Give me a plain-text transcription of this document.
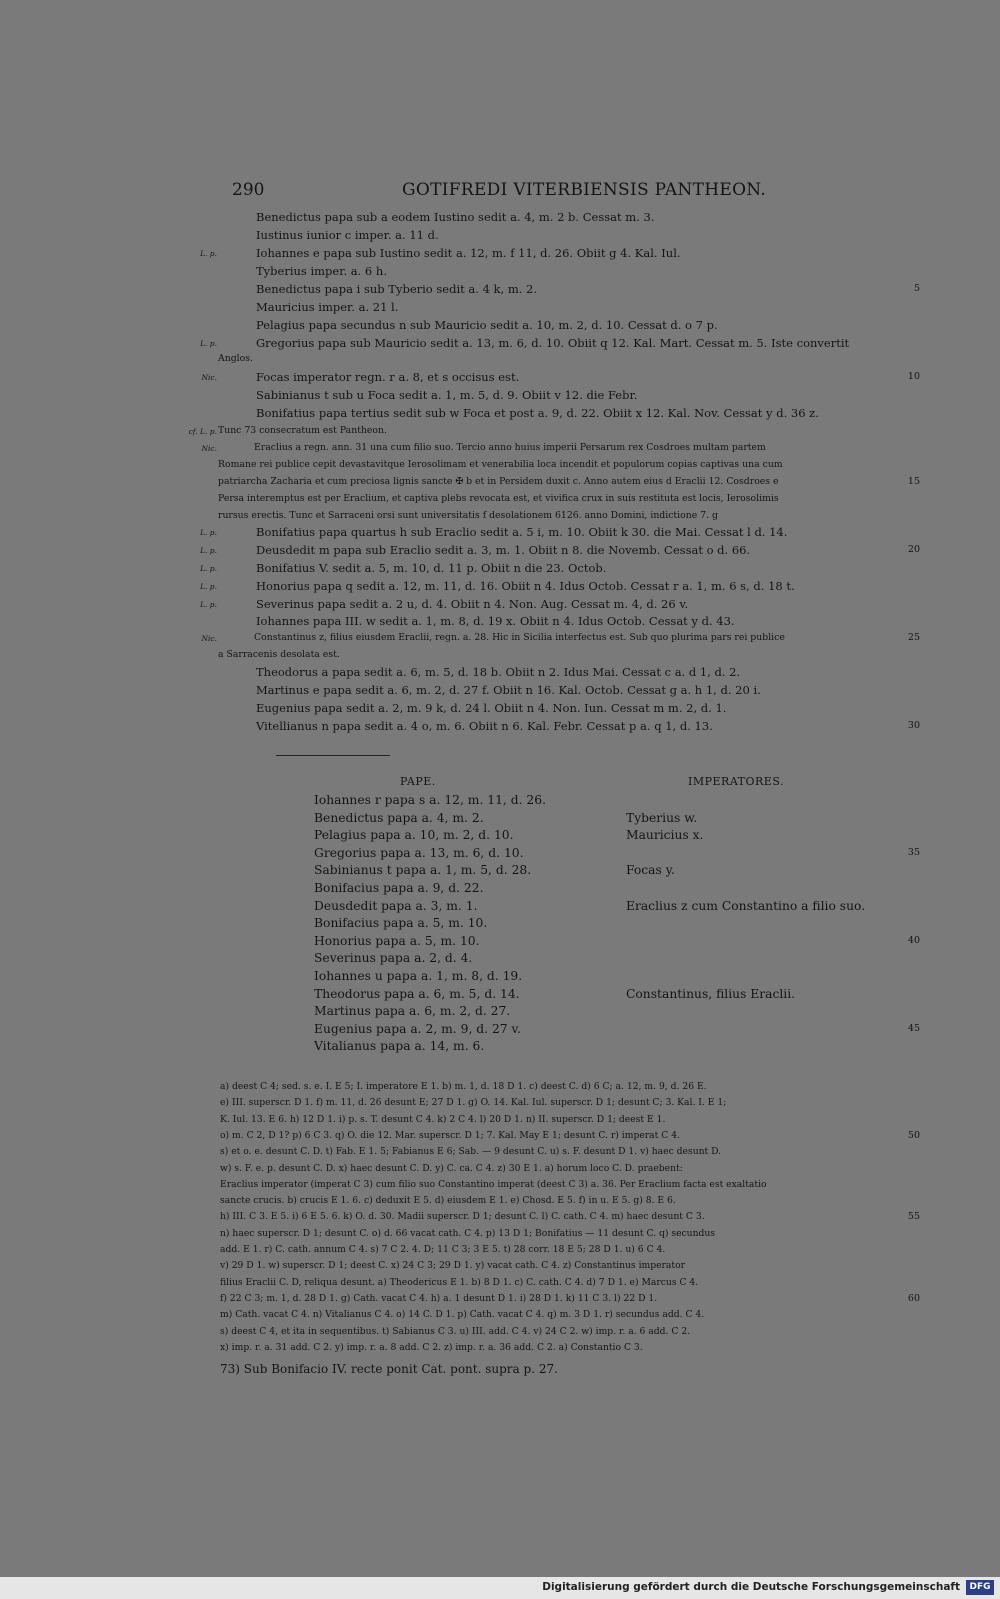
290	GOTIFREDI VITERBIENSIS PANTHEON.
Benedictus papa sub a eodem Iustino sedit a. 4, m. 2 b. Cessat m. 3.
Iustinus iunior c imper. a. 11 d.
L. p.	Iohannes e papa sub Iustino sedit a. 12, m. f 11, d. 26. Obiit g 4. Kal. Iul.
Tyberius imper. a. 6 h.
Benedictus papa i sub Tyberio sedit a. 4 k, m. 2.	5
Mauricius imper. a. 21 l.
Pelagius papa secundus n sub Mauricio sedit a. 10, m. 2, d. 10. Cessat d. o 7 p.
L. p.	Gregorius papa sub Mauricio sedit a. 13, m. 6, d. 10. Obiit q 12. Kal. Mart. Cessat m. 5. Iste convertit
Anglos.
Nic.	Focas imperator regn. r a. 8, et s occisus est.	10
Sabinianus t sub u Foca sedit a. 1, m. 5, d. 9. Obiit v 12. die Febr.
Bonifatius papa tertius sedit sub w Foca et post a. 9, d. 22. Obiit x 12. Kal. Nov. Cessat y d. 36 z.
cf. L. p. Tunc 73 consecratum est Pantheon.
Nic.	Eraclius a regn. ann. 31 una cum filio suo. Tercio anno huius imperii Persarum rex Cosdroes multam partem
Romane rei publice cepit devastavitque Ierosolimam et venerabilia loca incendit et populorum copias captivas una cum
patriarcha Zacharia et cum preciosa lignis sancte ✠ b et in Persidem duxit c. Anno autem eius d Eraclii 12. Cosdroes e	15
Persa interemptus est per Eraclium, et captiva plebs revocata est, et vivifica crux in suis restituta est locis, Ierosolimis
rursus erectis. Tunc et Sarraceni orsi sunt universitatis f desolationem 6126. anno Domini, indictione 7. g
L. p.	Bonifatius papa quartus h sub Eraclio sedit a. 5 i, m. 10. Obiit k 30. die Mai. Cessat l d. 14.
L. p.	Deusdedit m papa sub Eraclio sedit a. 3, m. 1. Obiit n 8. die Novemb. Cessat o d. 66.	20
L. p.	Bonifatius V. sedit a. 5, m. 10, d. 11 p. Obiit n die 23. Octob.
L. p.	Honorius papa q sedit a. 12, m. 11, d. 16. Obiit n 4. Idus Octob. Cessat r a. 1, m. 6 s, d. 18 t.
L. p.	Severinus papa sedit a. 2 u, d. 4. Obiit n 4. Non. Aug. Cessat m. 4, d. 26 v.
Iohannes papa III. w sedit a. 1, m. 8, d. 19 x. Obiit n 4. Idus Octob. Cessat y d. 43.
Nic.	Constantinus z, filius eiusdem Eraclii, regn. a. 28. Hic in Sicilia interfectus est. Sub quo plurima pars rei publice	25
a Sarracenis desolata est.
Theodorus a papa sedit a. 6, m. 5, d. 18 b. Obiit n 2. Idus Mai. Cessat c a. d 1, d. 2.
Martinus e papa sedit a. 6, m. 2, d. 27 f. Obiit n 16. Kal. Octob. Cessat g a. h 1, d. 20 i.
Eugenius papa sedit a. 2, m. 9 k, d. 24 l. Obiit n 4. Non. Iun. Cessat m m. 2, d. 1.
Vitellianus n papa sedit a. 4 o, m. 6. Obiit n 6. Kal. Febr. Cessat p a. q 1, d. 13.	30
PAPE.	IMPERATORES.
Iohannes r papa s a. 12, m. 11, d. 26.
Benedictus papa a. 4, m. 2.	Tyberius w.
Pelagius papa a. 10, m. 2, d. 10.	Mauricius x.
Gregorius papa a. 13, m. 6, d. 10.	35
Sabinianus t papa a. 1, m. 5, d. 28.	Focas y.
Bonifacius papa a. 9, d. 22.
Deusdedit papa a. 3, m. 1.	Eraclius z cum Constantino a filio suo.
Bonifacius papa a. 5, m. 10.
Honorius papa a. 5, m. 10.	40
Severinus papa a. 2, d. 4.
Iohannes u papa a. 1, m. 8, d. 19.
Theodorus papa a. 6, m. 5, d. 14.	Constantinus, filius Eraclii.
Martinus papa a. 6, m. 2, d. 27.
Eugenius papa a. 2, m. 9, d. 27 v.	45
Vitalianus papa a. 14, m. 6.
a) deest C 4; sed. s. e. I. E 5; I. imperatore E 1. b) m. 1, d. 18 D 1. c) deest C. d) 6 C; a. 12, m. 9, d. 26 E.
e) III. superscr. D 1. f) m. 11, d. 26 desunt E; 27 D 1. g) O. 14. Kal. Iul. superscr. D 1; desunt C; 3. Kal. I. E 1;
K. Iul. 13. E 6. h) 12 D 1. i) p. s. T. desunt C 4. k) 2 C 4. l) 20 D 1. n) II. superscr. D 1; deest E 1.
o) m. C 2, D 1? p) 6 C 3. q) O. die 12. Mar. superscr. D 1; 7. Kal. May E 1; desunt C. r) imperat C 4.	50
s) et o. e. desunt C. D. t) Fab. E 1. 5; Fabianus E 6; Sab. — 9 desunt C. u) s. F. desunt D 1. v) haec desunt D.
w) s. F. e. p. desunt C. D. x) haec desunt C. D. y) C. ca. C 4. z) 30 E 1. a) horum loco C. D. praebent:
Eraclius imperator (imperat C 3) cum filio suo Constantino imperat (deest C 3) a. 36. Per Eraclium facta est exaltatio
sancte crucis. b) crucis E 1. 6. c) deduxit E 5. d) eiusdem E 1. e) Chosd. E 5. f) in u. E 5. g) 8. E 6.
h) III. C 3. E 5. i) 6 E 5. 6. k) O. d. 30. Madii superscr. D 1; desunt C. l) C. cath. C 4. m) haec desunt C 3.	55
n) haec superscr. D 1; desunt C. o) d. 66 vacat cath. C 4. p) 13 D 1; Bonifatius — 11 desunt C. q) secundus
add. E 1. r) C. cath. annum C 4. s) 7 C 2. 4. D; 11 C 3; 3 E 5. t) 28 corr. 18 E 5; 28 D 1. u) 6 C 4.
v) 29 D 1. w) superscr. D 1; deest C. x) 24 C 3; 29 D 1. y) vacat cath. C 4. z) Constantinus imperator
filius Eraclii C. D, reliqua desunt. a) Theodericus E 1. b) 8 D 1. c) C. cath. C 4. d) 7 D 1. e) Marcus C 4.
f) 22 C 3; m. 1, d. 28 D 1. g) Cath. vacat C 4. h) a. 1 desunt D 1. i) 28 D 1. k) 11 C 3. l) 22 D 1.	60
m) Cath. vacat C 4. n) Vitalianus C 4. o) 14 C. D 1. p) Cath. vacat C 4. q) m. 3 D 1. r) secundus add. C 4.
s) deest C 4, et ita in sequentibus. t) Sabianus C 3. u) III. add. C 4. v) 24 C 2. w) imp. r. a. 6 add. C 2.
x) imp. r. a. 31 add. C 2. y) imp. r. a. 8 add. C 2. z) imp. r. a. 36 add. C 2. a) Constantio C 3.
73) Sub Bonifacio IV. recte ponit Cat. pont. supra p. 27.
Digitalisierung gefördert durch die Deutsche Forschungsgemeinschaft	DFG
